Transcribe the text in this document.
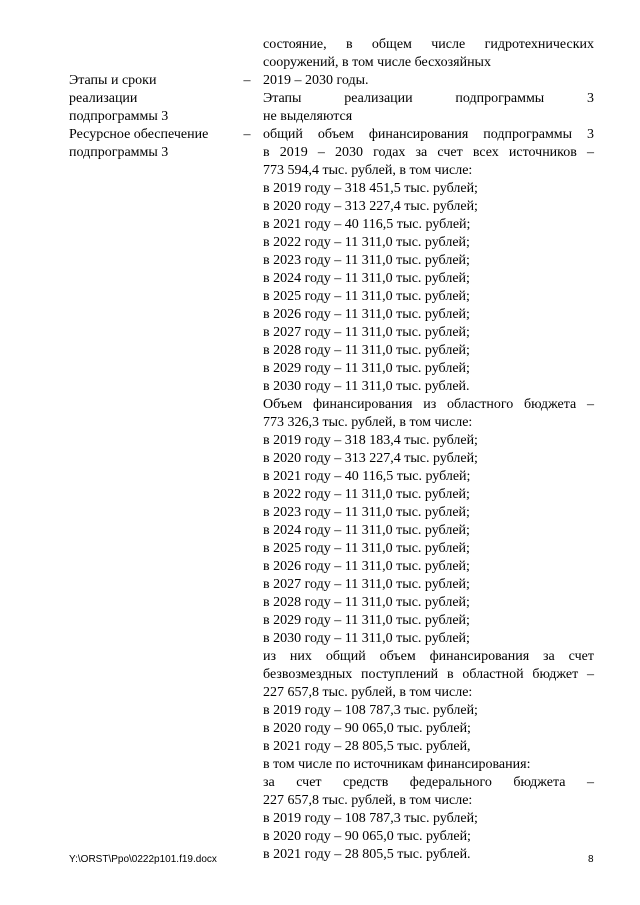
состояние, в общем числе гидротехнических
сооружений, в том числе бесхозяйных
Этапы и сроки
реализации
подпрограммы 3
– 2019 – 2030 годы.
Этапы реализации подпрограммы 3
не выделяются
Ресурсное обеспечение
подпрограммы 3
– общий объем финансирования подпрограммы 3
в 2019 – 2030 годах за счет всех источников –
773 594,4 тыс. рублей, в том числе:
в 2019 году – 318 451,5 тыс. рублей;
в 2020 году – 313 227,4 тыс. рублей;
в 2021 году – 40 116,5 тыс. рублей;
в 2022 году – 11 311,0 тыс. рублей;
в 2023 году – 11 311,0 тыс. рублей;
в 2024 году – 11 311,0 тыс. рублей;
в 2025 году – 11 311,0 тыс. рублей;
в 2026 году – 11 311,0 тыс. рублей;
в 2027 году – 11 311,0 тыс. рублей;
в 2028 году – 11 311,0 тыс. рублей;
в 2029 году – 11 311,0 тыс. рублей;
в 2030 году – 11 311,0 тыс. рублей.
Объем финансирования из областного бюджета –
773 326,3 тыс. рублей, в том числе:
в 2019 году – 318 183,4 тыс. рублей;
в 2020 году – 313 227,4 тыс. рублей;
в 2021 году – 40 116,5 тыс. рублей;
в 2022 году – 11 311,0 тыс. рублей;
в 2023 году – 11 311,0 тыс. рублей;
в 2024 году – 11 311,0 тыс. рублей;
в 2025 году – 11 311,0 тыс. рублей;
в 2026 году – 11 311,0 тыс. рублей;
в 2027 году – 11 311,0 тыс. рублей;
в 2028 году – 11 311,0 тыс. рублей;
в 2029 году – 11 311,0 тыс. рублей;
в 2030 году – 11 311,0 тыс. рублей;
из них общий объем финансирования за счет
безвозмездных поступлений в областной бюджет –
227 657,8 тыс. рублей, в том числе:
в 2019 году – 108 787,3 тыс. рублей;
в 2020 году – 90 065,0 тыс. рублей;
в 2021 году – 28 805,5 тыс. рублей,
в том числе по источникам финансирования:
за счет средств федерального бюджета –
227 657,8 тыс. рублей, в том числе:
в 2019 году – 108 787,3 тыс. рублей;
в 2020 году – 90 065,0 тыс. рублей;
в 2021 году – 28 805,5 тыс. рублей.
Y:\ORST\Ppo\0222p101.f19.docx	8
